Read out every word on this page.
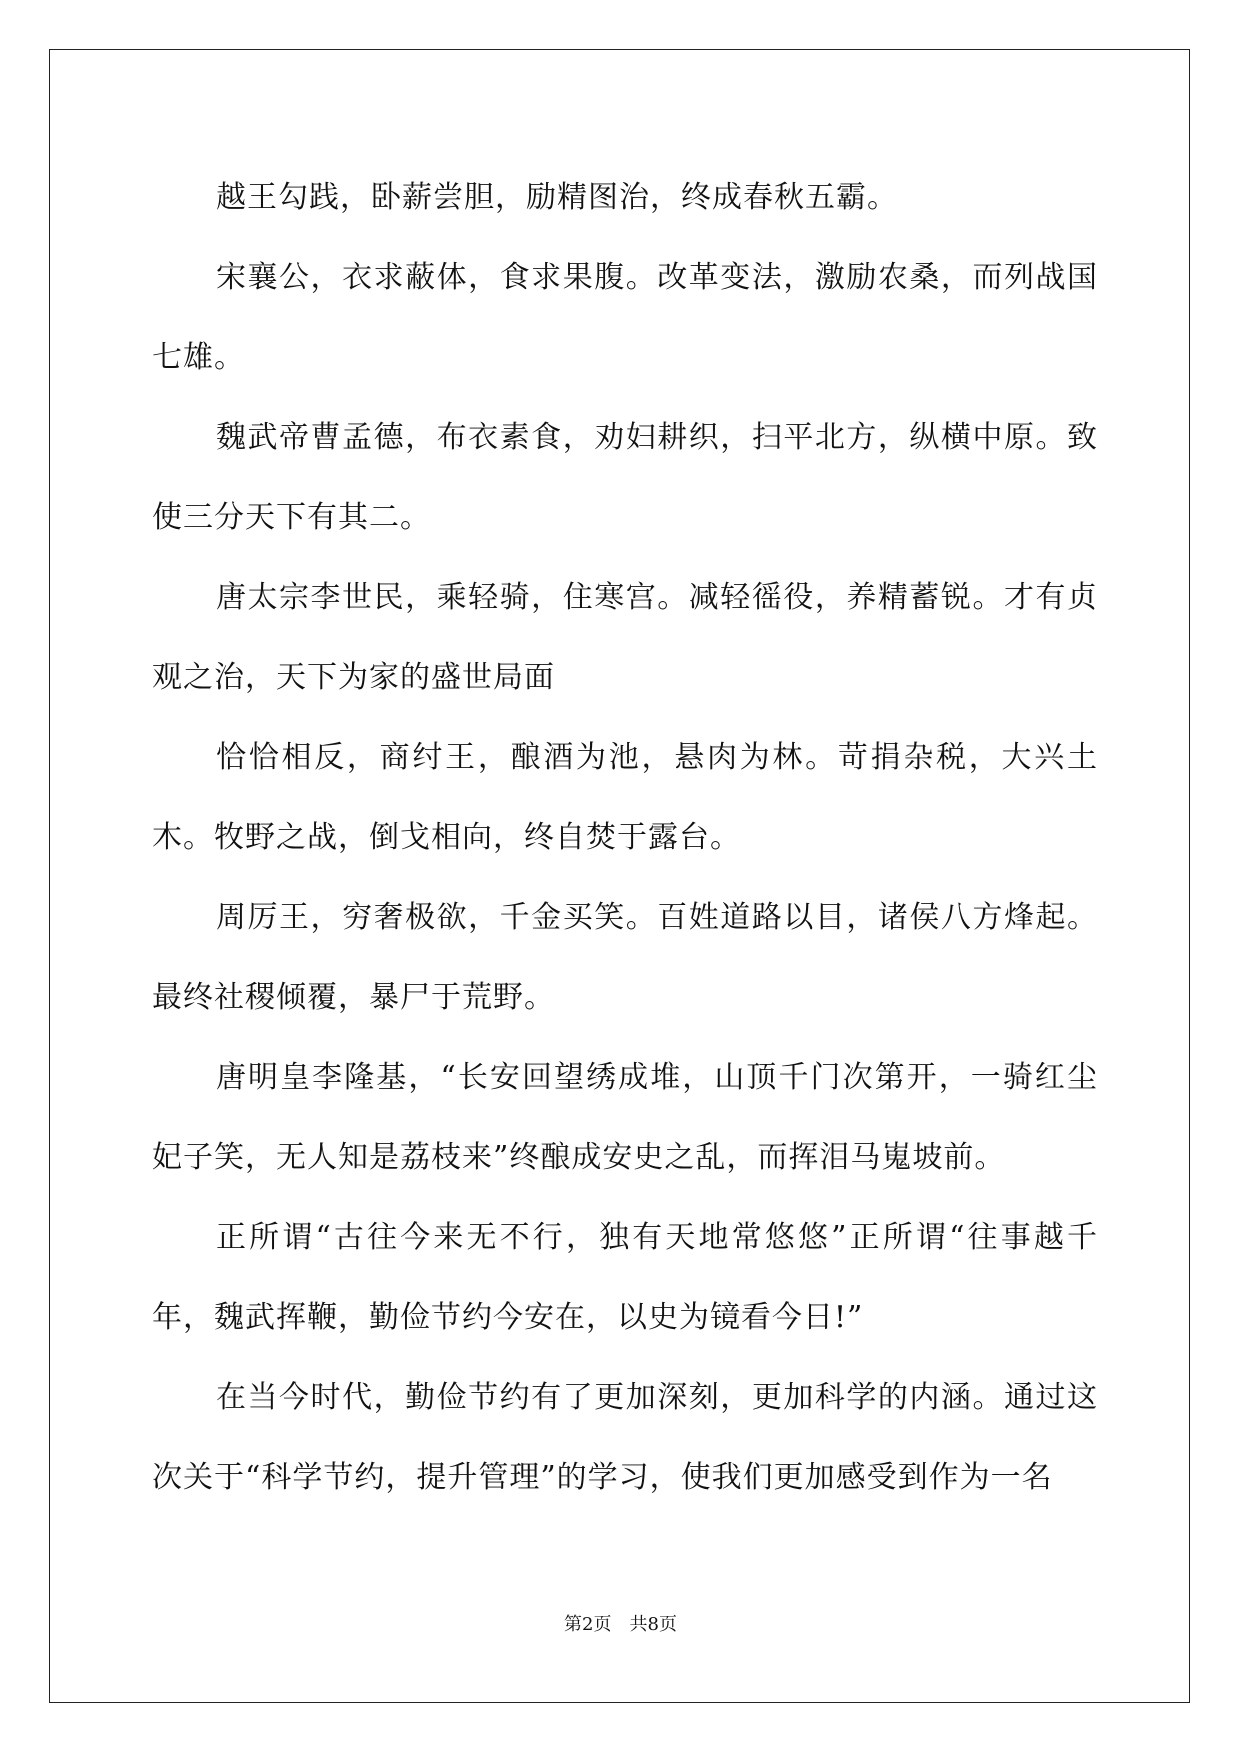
越王勾践，卧薪尝胆，励精图治，终成春秋五霸。

宋襄公，衣求蔽体，食求果腹。改革变法，激励农桑，而列战国七雄。

魏武帝曹孟德，布衣素食，劝妇耕织，扫平北方，纵横中原。致使三分天下有其二。

唐太宗李世民，乘轻骑，住寒宫。减轻徭役，养精蓄锐。才有贞观之治，天下为家的盛世局面

恰恰相反，商纣王，酿酒为池，悬肉为林。苛捐杂税，大兴土木。牧野之战，倒戈相向，终自焚于露台。

周厉王，穷奢极欲，千金买笑。百姓道路以目，诸侯八方烽起。最终社稷倾覆，暴尸于荒野。

唐明皇李隆基，“长安回望绣成堆，山顶千门次第开，一骑红尘妃子笑，无人知是荔枝来”终酿成安史之乱，而挥泪马嵬坡前。

正所谓“古往今来无不行，独有天地常悠悠”正所谓“往事越千年，魏武挥鞭，勤俭节约今安在，以史为镜看今日!”

在当今时代，勤俭节约有了更加深刻，更加科学的内涵。通过这次关于“科学节约，提升管理”的学习，使我们更加感受到作为一名

第2页 共8页
